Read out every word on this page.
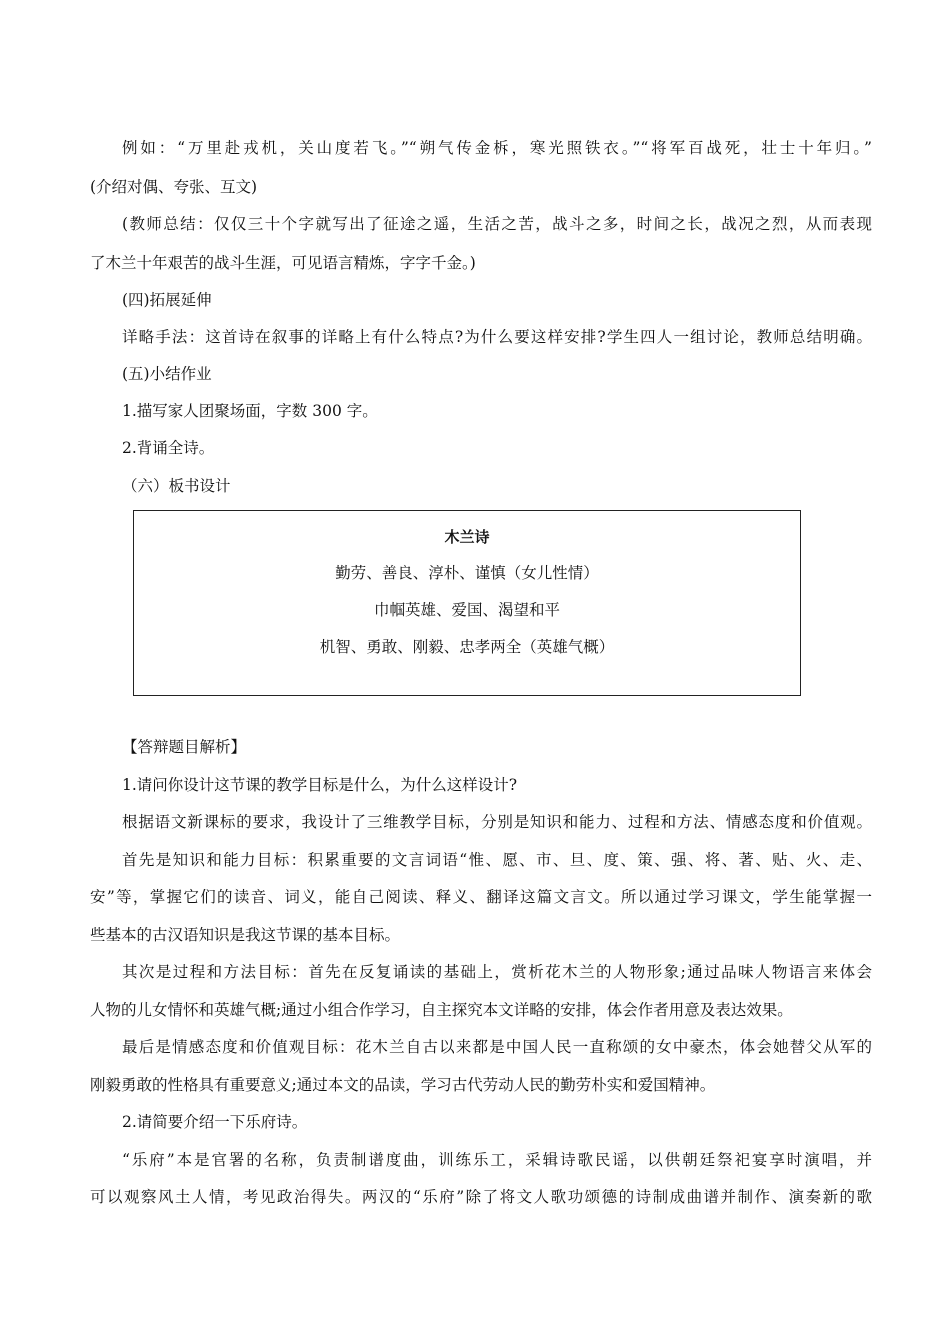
例如：“万里赴戎机，关山度若飞。”“朔气传金柝，寒光照铁衣。”“将军百战死，壮士十年归。”
(介绍对偶、夸张、互文)
(教师总结：仅仅三十个字就写出了征途之遥，生活之苦，战斗之多，时间之长，战况之烈，从而表现
了木兰十年艰苦的战斗生涯，可见语言精炼，字字千金。)
(四)拓展延伸
详略手法：这首诗在叙事的详略上有什么特点?为什么要这样安排?学生四人一组讨论，教师总结明确。
(五)小结作业
1.描写家人团聚场面，字数 300 字。
2.背诵全诗。
（六）板书设计
木兰诗
勤劳、善良、淳朴、谨慎（女儿性情）
巾帼英雄、爱国、渴望和平
机智、勇敢、刚毅、忠孝两全（英雄气概）
【答辩题目解析】
1.请问你设计这节课的教学目标是什么，为什么这样设计?
根据语文新课标的要求，我设计了三维教学目标，分别是知识和能力、过程和方法、情感态度和价值观。
首先是知识和能力目标：积累重要的文言词语“惟、愿、市、旦、度、策、强、将、著、贴、火、走、
安”等，掌握它们的读音、词义，能自己阅读、释义、翻译这篇文言文。所以通过学习课文，学生能掌握一
些基本的古汉语知识是我这节课的基本目标。
其次是过程和方法目标：首先在反复诵读的基础上，赏析花木兰的人物形象;通过品味人物语言来体会
人物的儿女情怀和英雄气概;通过小组合作学习，自主探究本文详略的安排，体会作者用意及表达效果。
最后是情感态度和价值观目标：花木兰自古以来都是中国人民一直称颂的女中豪杰，体会她替父从军的
刚毅勇敢的性格具有重要意义;通过本文的品读，学习古代劳动人民的勤劳朴实和爱国精神。
2.请简要介绍一下乐府诗。
“乐府”本是官署的名称，负责制谱度曲，训练乐工，采辑诗歌民谣，以供朝廷祭祀宴享时演唱，并
可以观察风土人情，考见政治得失。两汉的“乐府”除了将文人歌功颂德的诗制成曲谱并制作、演奏新的歌
